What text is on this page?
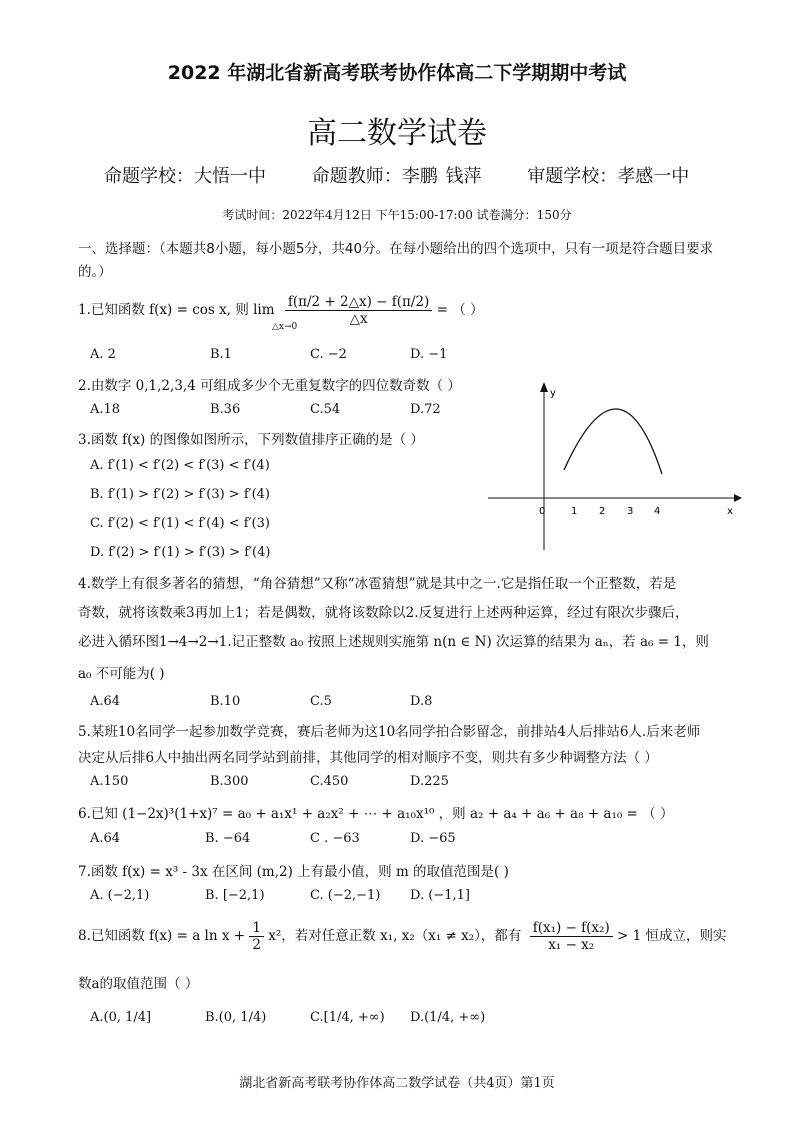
2022 年湖北省新高考联考协作体高二下学期期中考试
高二数学试卷
命题学校：大悟一中	命题教师：李鹏 钱萍	审题学校：孝感一中
考试时间：2022年4月12日 下午15:00-17:00 试卷满分：150分
一、选择题：（本题共8小题，每小题5分，共40分。在每小题给出的四个选项中，只有一项是符合题目要求的。）
1.已知函数 f(x) = cos x, 则 $\lim \frac{f(\pi/2 + 2\triangle x) - f(\pi/2)}{\triangle x}$ = （ ）
△x→0
A. 2	B.1	C. −2	D. −1
2.由数字 0,1,2,3,4 可组成多少个无重复数字的四位数奇数（ ）
A.18	B.36	C.54	D.72
3.函数 f(x) 的图像如图所示，下列数值排序正确的是（ ）
A. f′(1) < f′(2) < f′(3) < f′(4)
B. f′(1) > f′(2) > f′(3) > f′(4)
C. f′(2) < f′(1) < f′(4) < f′(3)
D. f′(2) > f′(1) > f′(3) > f′(4)
y
x
0	1 2 3 4
4.数学上有很多著名的猜想，“角谷猜想”又称“冰雹猜想”就是其中之一.它是指任取一个正整数，若是
奇数，就将该数乘3再加上1；若是偶数，就将该数除以2.反复进行上述两种运算，经过有限次步骤后，
必进入循环图1→4→2→1.记正整数 a₀ 按照上述规则实施第 n(n ∈ N) 次运算的结果为 aₙ，若 a₆ = 1，则
a₀ 不可能为( )
A.64	B.10	C.5	D.8
5.某班10名同学一起参加数学竞赛，赛后老师为这10名同学拍合影留念，前排站4人后排站6人.后来老师
决定从后排6人中抽出两名同学站到前排，其他同学的相对顺序不变，则共有多少种调整方法（ ）
A.150	B.300	C.450	D.225
6.已知 (1−2x)³(1+x)⁷ = a₀ + a₁x¹ + a₂x² + ⋯ + a₁₀x¹⁰ ，则 a₂ + a₄ + a₆ + a₈ + a₁₀ = （ ）
A.64	B. −64	C . −63	D. −65
7.函数 f(x) = x³ - 3x 在区间 (m,2) 上有最小值，则 m 的取值范围是( )
A. (−2,1)	B. [−2,1)	C. (−2,−1) D. (−1,1]
8.已知函数 f(x) = a $\ln x + \frac{1}{2} x^2$，若对任意正数 x₁, x₂（x₁ ≠ x₂），都有 $\frac{\text{f(x₁) − f(x₂)}}{\text{x₁ − x₂}} > 1$ 恒成立，则实
数a的取值范围（ ）
A.(0, 1/4]	B.(0, 1/4)	C.[1/4, +∞) D.(1/4, +∞)
湖北省新高考联考协作体高二数学试卷（共4页）第1页
